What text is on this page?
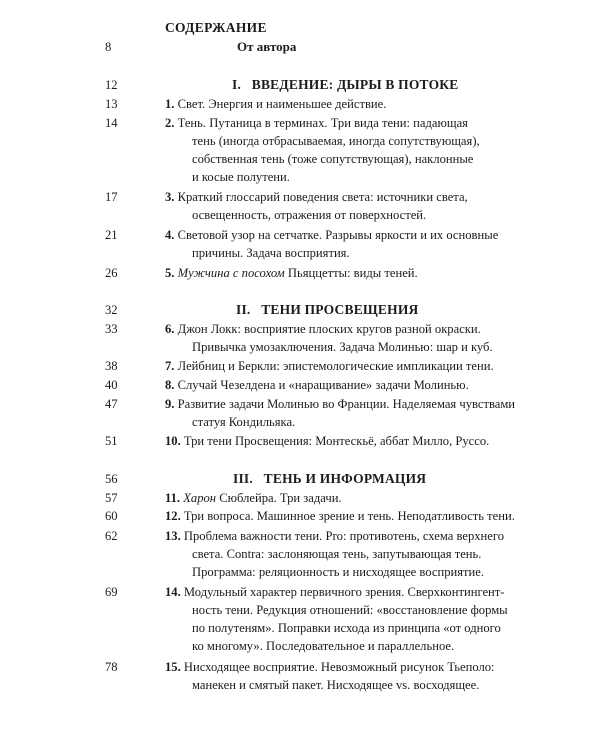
СОДЕРЖАНИЕ
8	От автора
12	I. ВВЕДЕНИЕ: ДЫРЫ В ПОТОКЕ
13	1. Свет. Энергия и наименьшее действие.
14	2. Тень. Путаница в терминах. Три вида тени: падающая
тень (иногда отбрасываемая, иногда сопутствующая),
собственная тень (тоже сопутствующая), наклонные
и косые полутени.
17	3. Краткий глоссарий поведения света: источники света,
освещенность, отражения от поверхностей.
21	4. Световой узор на сетчатке. Разрывы яркости и их основные
причины. Задача восприятия.
26	5. Мужчина с посохом Пьяццетты: виды теней.
32	II. ТЕНИ ПРОСВЕЩЕНИЯ
33	6. Джон Локк: восприятие плоских кругов разной окраски.
Привычка умозаключения. Задача Молинью: шар и куб.
38	7. Лейбниц и Беркли: эпистемологические импликации тени.
40	8. Случай Чезелдена и «наращивание» задачи Молинью.
47	9. Развитие задачи Молинью во Франции. Наделяемая чувствами
статуя Кондильяка.
51	10. Три тени Просвещения: Монтескьё, аббат Милло, Руссо.
56	III. ТЕНЬ И ИНФОРМАЦИЯ
57	11. Харон Сюблейра. Три задачи.
60	12. Три вопроса. Машинное зрение и тень. Неподатливость тени.
62	13. Проблема важности тени. Pro: противотень, схема верхнего
света. Contra: заслоняющая тень, запутывающая тень.
Программа: реляционность и нисходящее восприятие.
69	14. Модульный характер первичного зрения. Сверхконтингент-
ность тени. Редукция отношений: «восстановление формы
по полутеням». Поправки исхода из принципа «от одного
ко многому». Последовательное и параллельное.
78	15. Нисходящее восприятие. Невозможный рисунок Тьеполо:
манекен и смятый пакет. Нисходящее vs. восходящее.
